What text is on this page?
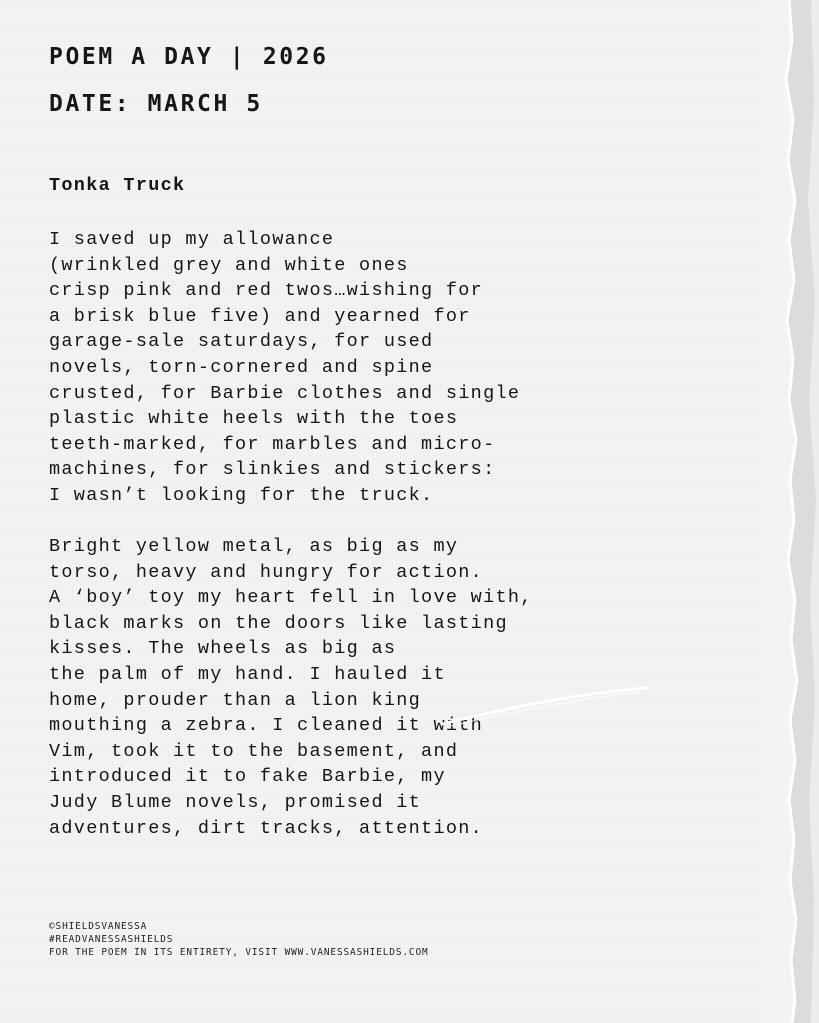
POEM A DAY | 2026
DATE: MARCH 5
Tonka Truck
I saved up my allowance
(wrinkled grey and white ones
crisp pink and red twos…wishing for
a brisk blue five) and yearned for
garage-sale saturdays, for used
novels, torn-cornered and spine
crusted, for Barbie clothes and single
plastic white heels with the toes
teeth-marked, for marbles and micro-
machines, for slinkies and stickers:
I wasn’t looking for the truck.
Bright yellow metal, as big as my
torso, heavy and hungry for action.
A ‘boy’ toy my heart fell in love with,
black marks on the doors like lasting
kisses. The wheels as big as
the palm of my hand. I hauled it
home, prouder than a lion king
mouthing a zebra. I cleaned it with
Vim, took it to the basement, and
introduced it to fake Barbie, my
Judy Blume novels, promised it
adventures, dirt tracks, attention.
©SHIELDSVANESSA
#READVANESSASHIELDS
FOR THE POEM IN ITS ENTIRETY, VISIT WWW.VANESSASHIELDS.COM
